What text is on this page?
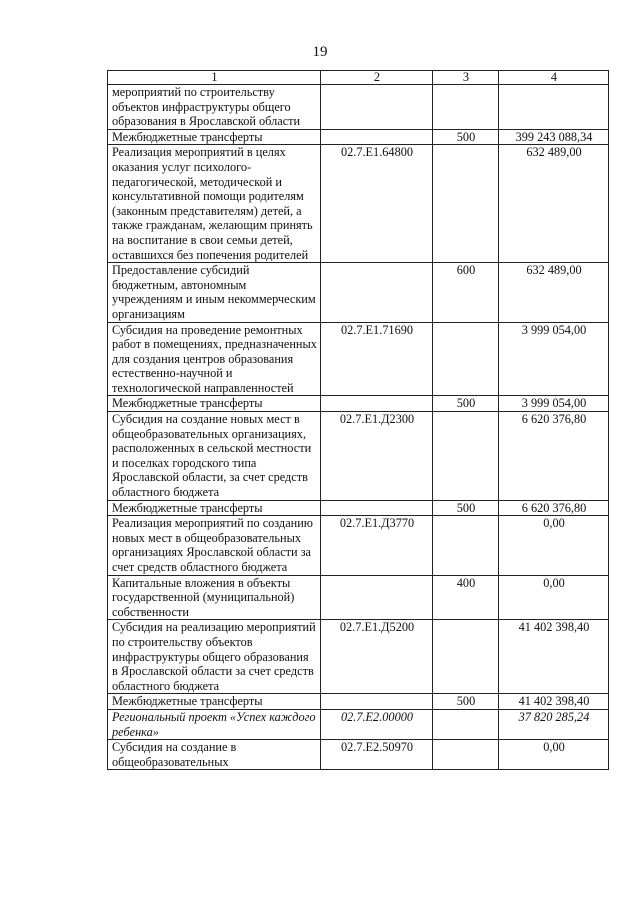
19
1	2	3	4
мероприятий по строительству объектов инфраструктуры общего образования в Ярославской области			
Межбюджетные трансферты		500	399 243 088,34
Реализация мероприятий в целях оказания услуг психолого-педагогической, методической и консультативной помощи родителям (законным представителям) детей, а также гражданам, желающим принять на воспитание в свои семьи детей, оставшихся без попечения родителей	02.7.E1.64800		632 489,00
Предоставление субсидий бюджетным, автономным учреждениям и иным некоммерческим организациям		600	632 489,00
Субсидия на проведение ремонтных работ в помещениях, предназначенных для создания центров образования естественно-научной и технологической направленностей	02.7.E1.71690		3 999 054,00
Межбюджетные трансферты		500	3 999 054,00
Субсидия на создание новых мест в общеобразовательных организациях, расположенных в сельской местности и поселках городского типа Ярославской области, за счет средств областного бюджета	02.7.E1.Д2300		6 620 376,80
Межбюджетные трансферты		500	6 620 376,80
Реализация мероприятий по созданию новых мест в общеобразовательных организациях Ярославской области за счет средств областного бюджета	02.7.E1.Д3770		0,00
Капитальные вложения в объекты государственной (муниципальной) собственности		400	0,00
Субсидия на реализацию мероприятий по строительству объектов инфраструктуры общего образования в Ярославской области за счет средств областного бюджета	02.7.E1.Д5200		41 402 398,40
Межбюджетные трансферты		500	41 402 398,40
Региональный проект «Успех каждого ребенка»	02.7.E2.00000		37 820 285,24
Субсидия на создание в общеобразовательных	02.7.E2.50970		0,00
